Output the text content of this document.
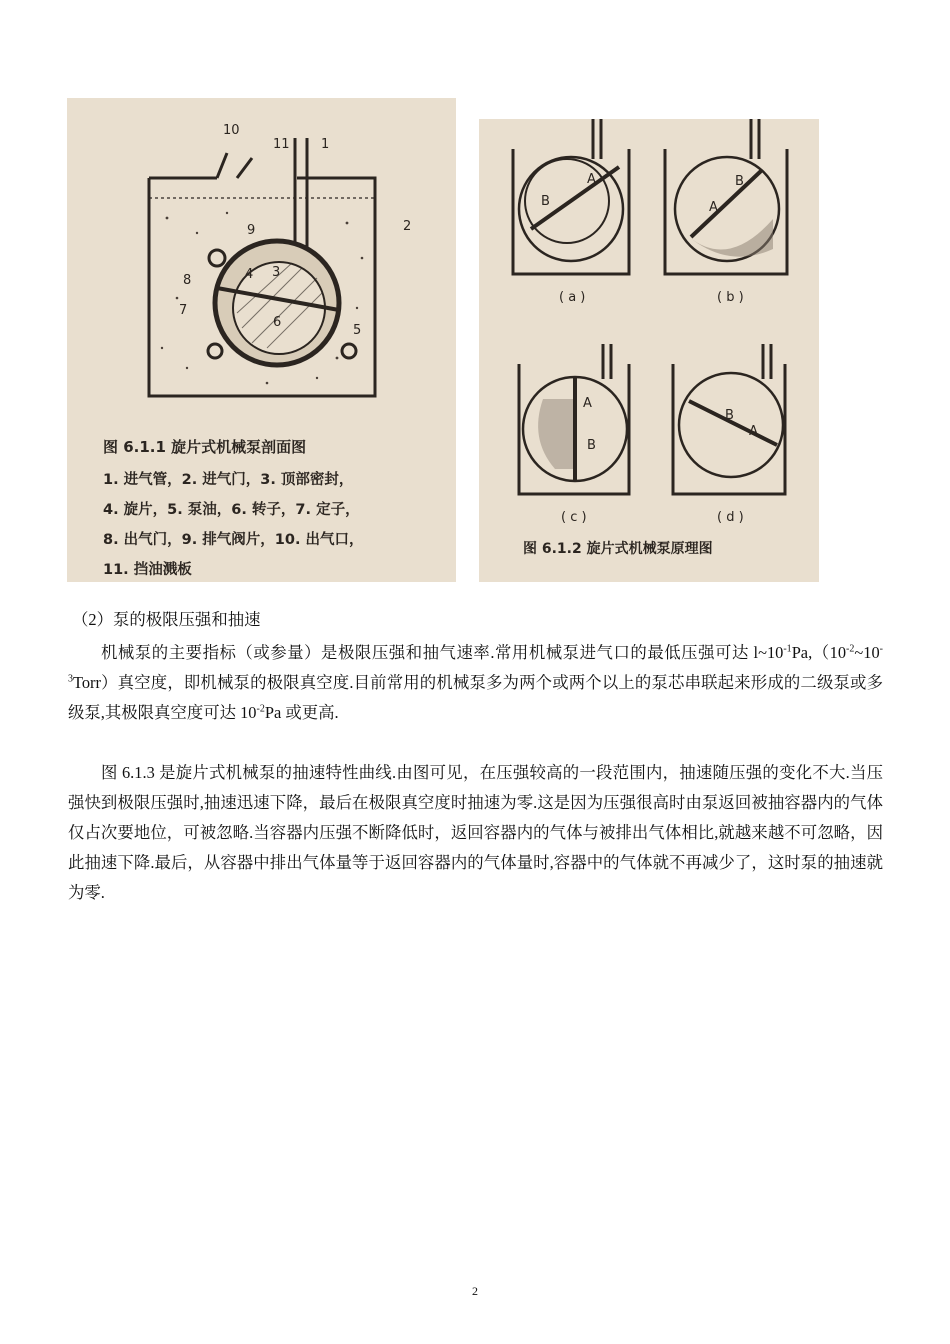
10
11 1
2
3
4
5
6
7
8
9
图 6.1.1 旋片式机械泵剖面图
1. 进气管，2. 进气门，3. 顶部密封，
4. 旋片，5. 泵油，6. 转子，7. 定子，
8. 出气门，9. 排气阀片，10. 出气口，
11. 挡油溅板
B
A
( a )
A
B
( b )
A
B
( c )
B
A
( d )
图 6.1.2 旋片式机械泵原理图
（2）泵的极限压强和抽速
机械泵的主要指标（或参量）是极限压强和抽气速率.常用机械泵进气口的最低压强可达 $l\sim 10^{-1}Pa,(10^{-2}\sim 10^{-3}Torr)$真空度，即机械泵的极限真空度.目前常用的机械泵多为两个或两个以上的泵芯串联起来形成的二级泵或多级泵,其极限真空度可达 $10^{-2}Pa$ 或更高.
图 6.1.3 是旋片式机械泵的抽速特性曲线.由图可见，在压强较高的一段范围内，抽速随压强的变化不大.当压强快到极限压强时,抽速迅速下降，最后在极限真空度时抽速为零.这是因为压强很高时由泵返回被抽容器内的气体仅占次要地位，可被忽略.当容器内压强不断降低时，返回容器内的气体与被排出气体相比,就越来越不可忽略，因此抽速下降.最后，从容器中排出气体量等于返回容器内的气体量时,容器中的气体就不再减少了，这时泵的抽速就为零.
2
